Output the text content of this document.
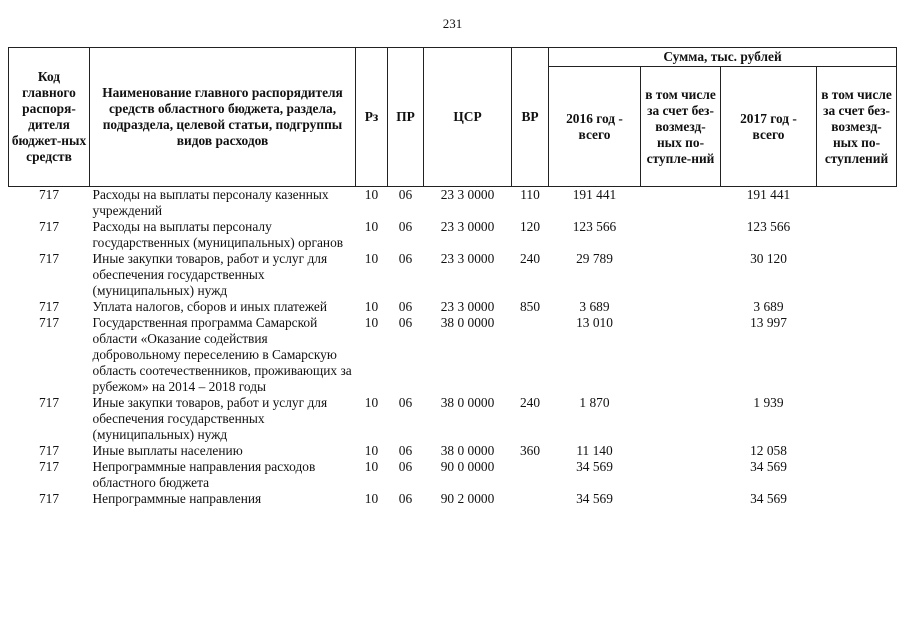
231
Код главного распоря-дителя бюджет-ных средств	Наименование главного распорядителя средств областного бюджета, раздела, подраздела, целевой статьи, подгруппы видов расходов	Рз	ПР	ЦСР	ВР	Сумма, тыс. рублей			
						2016 год - всего	в том числе за счет без-возмезд-ных по-ступле-ний	2017 год - всего	в том числе за счет без-возмезд-ных по-ступлений
717	Расходы на выплаты персоналу казенных учреждений	10	06	23 3 0000	110	191 441		191 441	
717	Расходы на выплаты персоналу государственных (муниципальных) органов	10	06	23 3 0000	120	123 566		123 566	
717	Иные закупки товаров, работ и услуг для обеспечения государственных (муниципальных) нужд	10	06	23 3 0000	240	29 789		30 120	
717	Уплата налогов, сборов и иных платежей	10	06	23 3 0000	850	3 689		3 689	
717	Государственная программа Самарской области «Оказание содействия добровольному переселению в Самарскую область соотечественников, проживающих за рубежом» на 2014 – 2018 годы	10	06	38 0 0000		13 010		13 997	
717	Иные закупки товаров, работ и услуг для обеспечения государственных (муниципальных) нужд	10	06	38 0 0000	240	1 870		1 939	
717	Иные выплаты населению	10	06	38 0 0000	360	11 140		12 058	
717	Непрограммные направления расходов областного бюджета	10	06	90 0 0000		34 569		34 569	
717	Непрограммные направления	10	06	90 2 0000		34 569		34 569	
